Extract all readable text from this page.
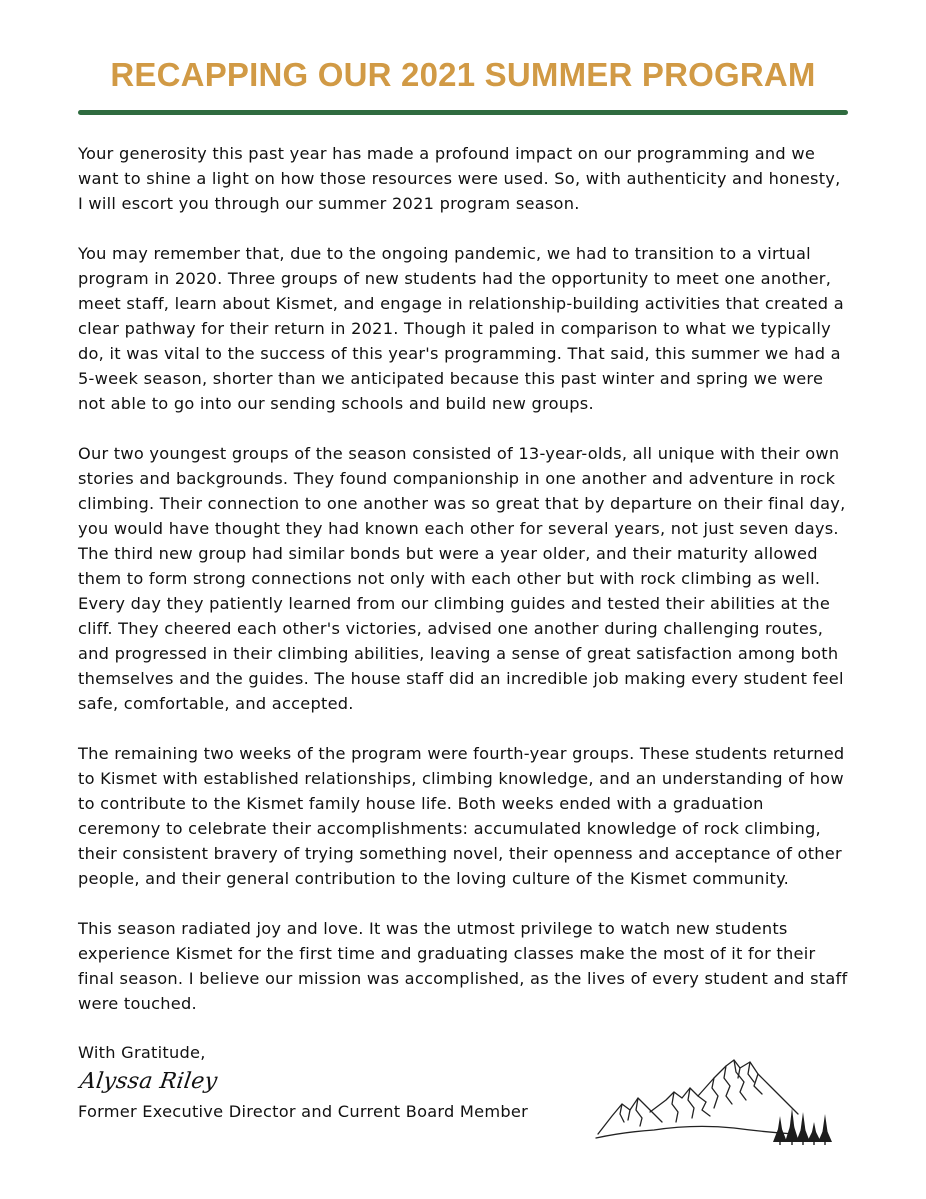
RECAPPING OUR 2021 SUMMER PROGRAM

Your generosity this past year has made a profound impact on our programming and we want to shine a light on how those resources were used. So, with authenticity and honesty, I will escort you through our summer 2021 program season.

You may remember that, due to the ongoing pandemic, we had to transition to a virtual program in 2020. Three groups of new students had the opportunity to meet one another, meet staff, learn about Kismet, and engage in relationship-building activities that created a clear pathway for their return in 2021. Though it paled in comparison to what we typically do, it was vital to the success of this year's programming. That said, this summer we had a 5-week season, shorter than we anticipated because this past winter and spring we were not able to go into our sending schools and build new groups.

Our two youngest groups of the season consisted of 13-year-olds, all unique with their own stories and backgrounds. They found companionship in one another and adventure in rock climbing. Their connection to one another was so great that by departure on their final day, you would have thought they had known each other for several years, not just seven days. The third new group had similar bonds but were a year older, and their maturity allowed them to form strong connections not only with each other but with rock climbing as well. Every day they patiently learned from our climbing guides and tested their abilities at the cliff. They cheered each other's victories, advised one another during challenging routes, and progressed in their climbing abilities, leaving a sense of great satisfaction among both themselves and the guides. The house staff did an incredible job making every student feel safe, comfortable, and accepted.

The remaining two weeks of the program were fourth-year groups. These students returned to Kismet with established relationships, climbing knowledge, and an understanding of how to contribute to the Kismet family house life. Both weeks ended with a graduation ceremony to celebrate their accomplishments: accumulated knowledge of rock climbing, their consistent bravery of trying something novel, their openness and acceptance of other people, and their general contribution to the loving culture of the Kismet community.

This season radiated joy and love. It was the utmost privilege to watch new students experience Kismet for the first time and graduating classes make the most of it for their final season. I believe our mission was accomplished, as the lives of every student and staff were touched.

With Gratitude,
Alyssa Riley
Former Executive Director and Current Board Member
